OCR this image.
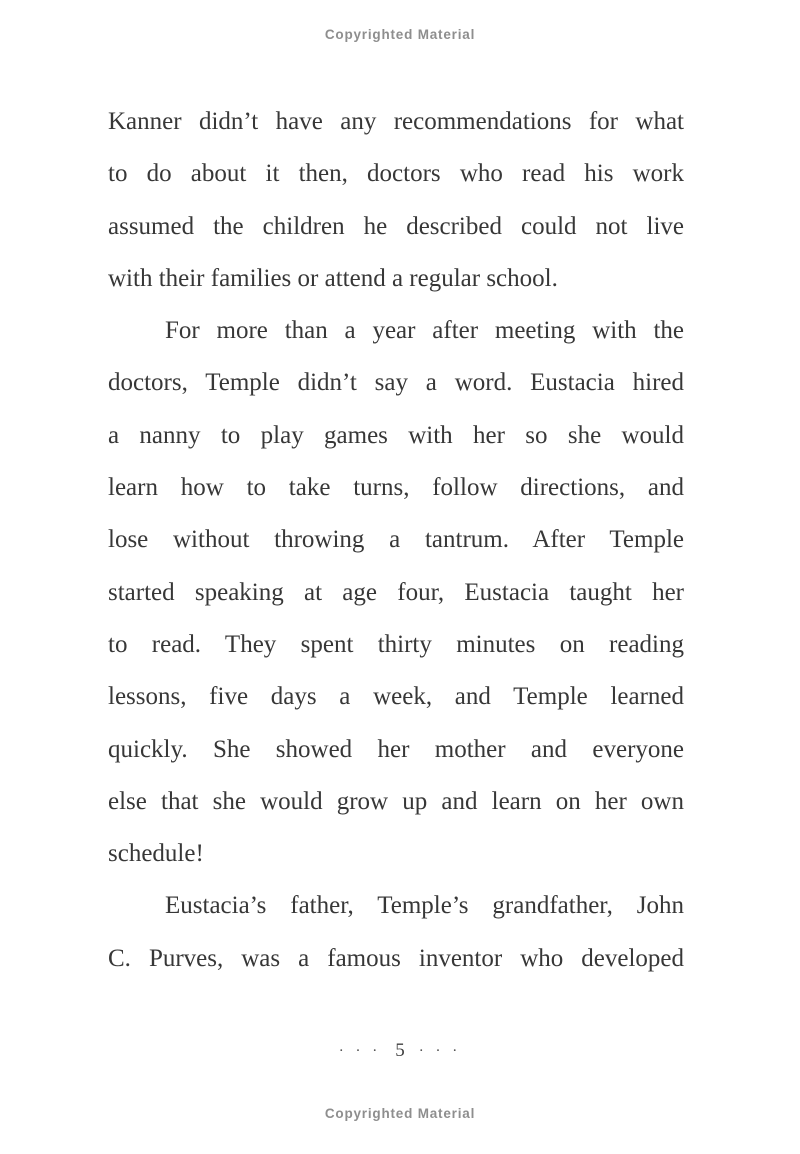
Copyrighted Material
Kanner didn’t have any recommendations for what
to do about it then, doctors who read his work
assumed the children he described could not live
with their families or attend a regular school.
For more than a year after meeting with the
doctors, Temple didn’t say a word. Eustacia hired
a nanny to play games with her so she would
learn how to take turns, follow directions, and
lose without throwing a tantrum. After Temple
started speaking at age four, Eustacia taught her
to read. They spent thirty minutes on reading
lessons, five days a week, and Temple learned
quickly. She showed her mother and everyone
else that she would grow up and learn on her own
schedule!
Eustacia’s father, Temple’s grandfather, John
C. Purves, was a famous inventor who developed
· · · 5 · · ·
Copyrighted Material
